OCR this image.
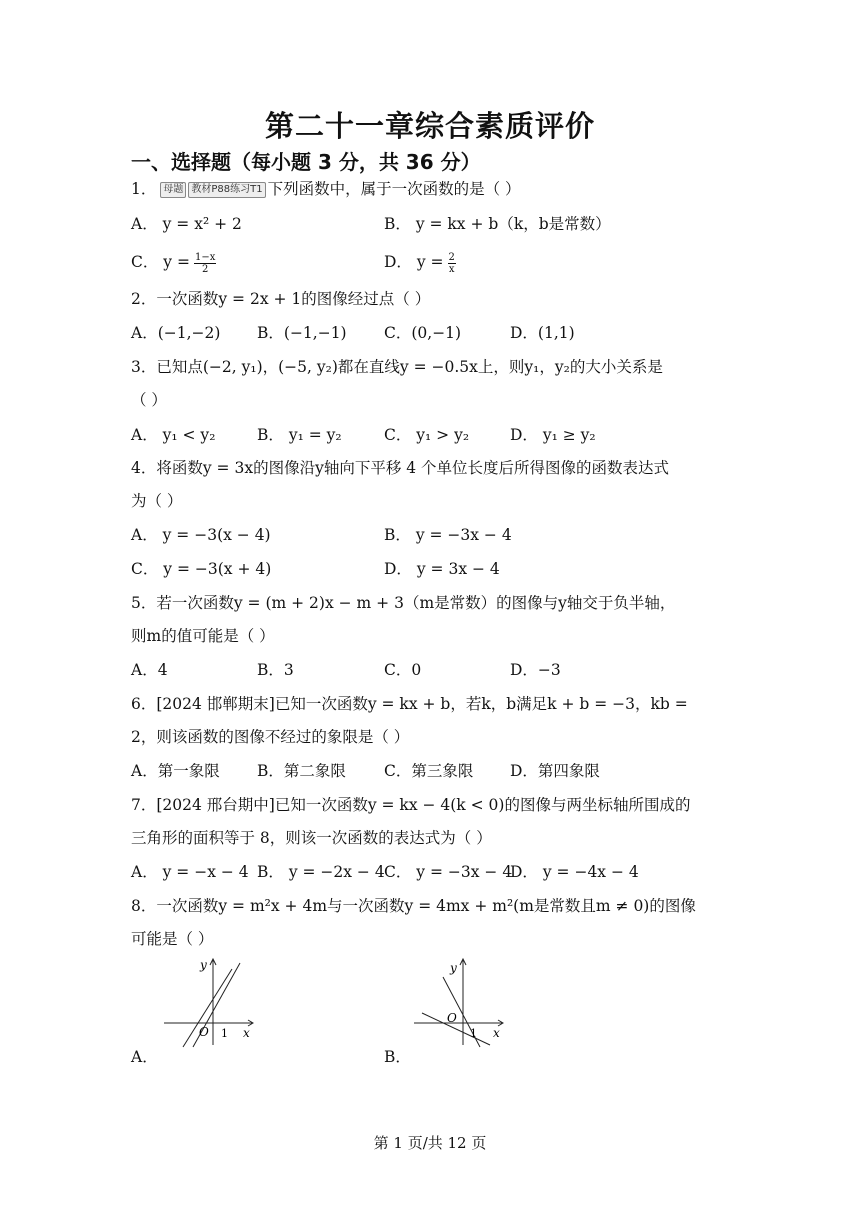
第二十一章综合素质评价
一、选择题（每小题 3 分，共 36 分）
1． 母题 教材P88练习T1 下列函数中，属于一次函数的是（ ）
A． y = x² + 2	B． y = kx + b（k，b是常数）
C． $y = \frac{1-x}{2}$	D． $y = \frac{2}{x}$
2．一次函数y = 2x + 1的图像经过点（ ）
A．(−1,−2) B．(−1,−1) C．(0,−1)	D．(1,1)
3．已知点(−2, y₁)，(−5, y₂)都在直线y = −0.5x上，则y₁，y₂的大小关系是
（ ）
A． y₁ < y₂	B． y₁ = y₂	C． y₁ > y₂	D． y₁ ≥ y₂
4．将函数y = 3x的图像沿y轴向下平移 4 个单位长度后所得图像的函数表达式
为（ ）
A． y = −3(x − 4)	B． y = −3x − 4
C． y = −3(x + 4)	D． y = 3x − 4
5．若一次函数y = (m + 2)x − m + 3（m是常数）的图像与y轴交于负半轴，
则m的值可能是（ ）
A．4	B．3	C．0	D．−3
6．[2024 邯郸期末]已知一次函数y = kx + b，若k，b满足k + b = −3，kb =
2，则该函数的图像不经过的象限是（ ）
A．第一象限 B．第二象限 C．第三象限 D．第四象限
7．[2024 邢台期中]已知一次函数y = kx − 4(k < 0)的图像与两坐标轴所围成的
三角形的面积等于 8，则该一次函数的表达式为（ ）
A． y = −x − 4 B． y = −2x − 4 C． y = −3x − 4
D． y = −4x − 4
8．一次函数y = m²x + 4m与一次函数y = 4mx + m²(m是常数且m ≠ 0)的图像
可能是（ ）
O 1 x
y
A．
O
1 x
y
B．
第 1 页/共 12 页
